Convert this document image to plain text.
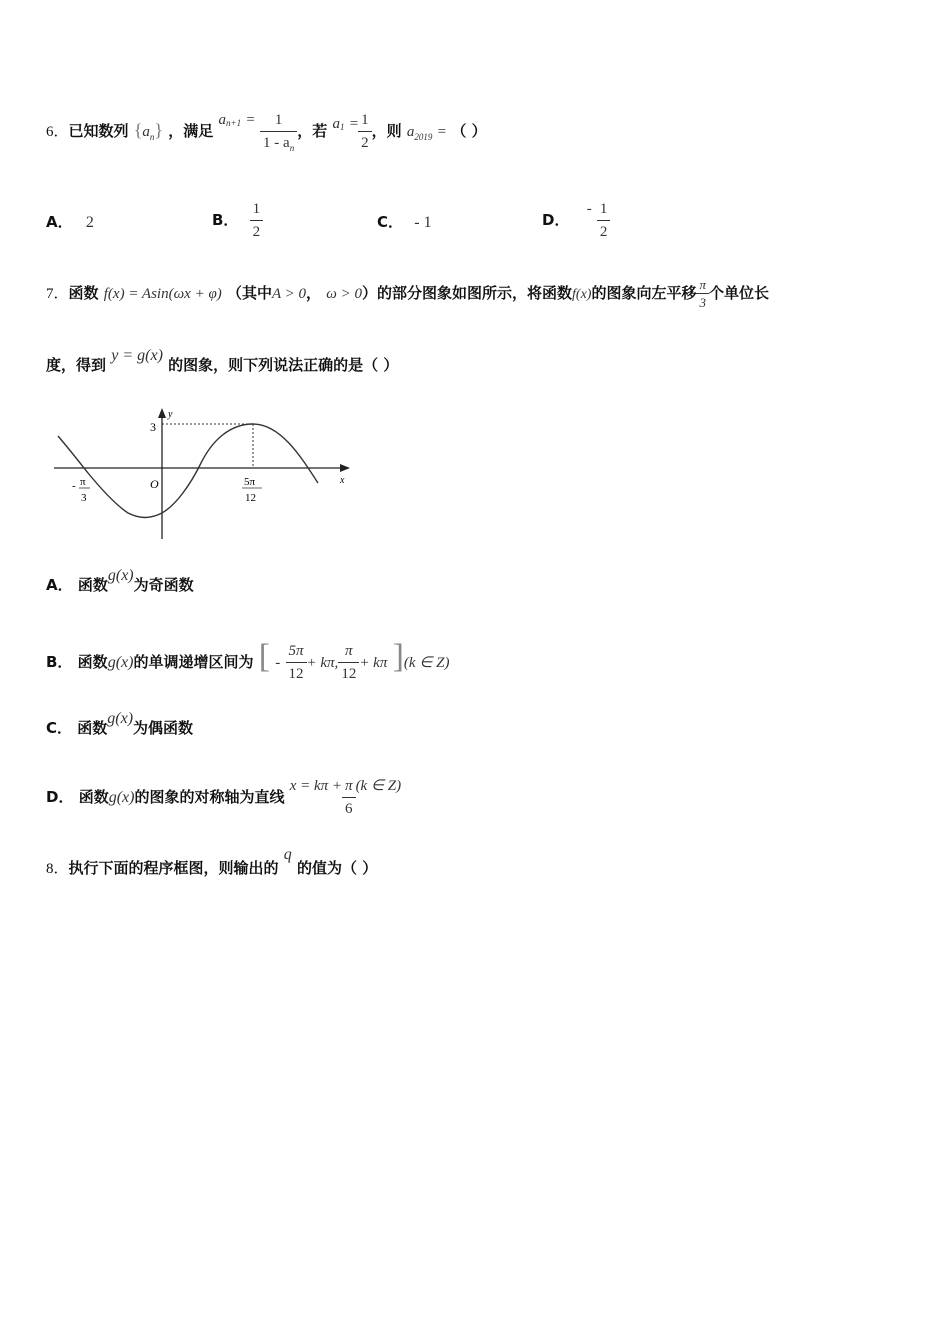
6．已知数列 $\{a_n\}$ ，满足 $a^{n+1} = \frac{1}{1 - a_n}$ ，若 $a^1 = \frac{1}{2}$ ，则 $a_{2019}$ = （ ）
A． 2	B． $\frac{1}{2}$	C． - 1	D． - $\frac{1}{2}$
7．函数 f(x) = Asin(ωx + φ) （其中A > 0， ω > 0）的部分图象如图所示，将函数f(x)的图象向左平移 $\frac{\pi}{3}$ 个单位长
度，得到 y = g(x) 的图象，则下列说法正确的是（ ）
y
x
3
O
- π
3
5π
12
A． 函数g(x)为奇函数
B． 函数g(x)的单调递增区间为 [ - $\frac{5\pi}{12} + k\pi$, $\frac{\pi}{12} + k\pi$ ](k ∈ Z)
C． 函数g(x)为偶函数
D． 函数g(x)的图象的对称轴为直线 $x = k\pi + \frac{\pi}{6} (k$ ∈ Z)
8．执行下面的程序框图，则输出的 q 的值为（ ）
